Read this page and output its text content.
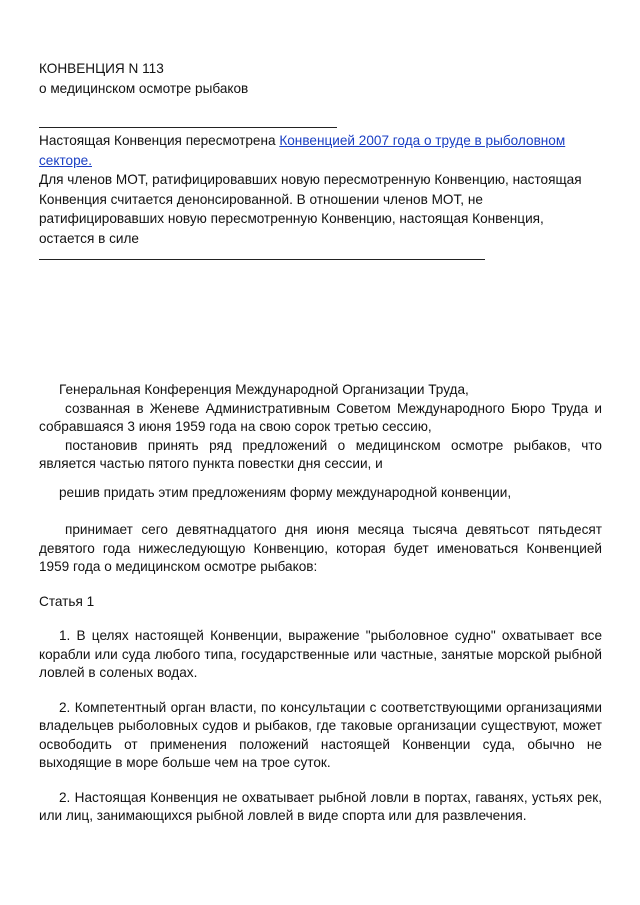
КОНВЕНЦИЯ N 113
о медицинском осмотре рыбаков
Настоящая Конвенция пересмотрена Конвенцией 2007 года о труде в рыболовном секторе.
Для членов МОТ, ратифицировавших новую пересмотренную Конвенцию, настоящая Конвенция считается денонсированной. В отношении членов МОТ, не ратифицировавших новую пересмотренную Конвенцию, настоящая Конвенция, остается в силе

Генеральная Конференция Международной Организации Труда,

созванная в Женеве Административным Советом Международного Бюро Труда и собравшаяся 3 июня 1959 года на свою сорок третью сессию,

постановив принять ряд предложений о медицинском осмотре рыбаков, что является частью пятого пункта повестки дня сессии, и

решив придать этим предложениям форму международной конвенции,

принимает сего девятнадцатого дня июня месяца тысяча девятьсот пятьдесят девятого года нижеследующую Конвенцию, которая будет именоваться Конвенцией 1959 года о медицинском осмотре рыбаков:

Статья 1

1. В целях настоящей Конвенции, выражение "рыболовное судно" охватывает все корабли или суда любого типа, государственные или частные, занятые морской рыбной ловлей в соленых водах.

2. Компетентный орган власти, по консультации с соответствующими организациями владельцев рыболовных судов и рыбаков, где таковые организации существуют, может освободить от применения положений настоящей Конвенции суда, обычно не выходящие в море больше чем на трое суток.

2. Настоящая Конвенция не охватывает рыбной ловли в портах, гаванях, устьях рек, или лиц, занимающихся рыбной ловлей в виде спорта или для развлечения.
